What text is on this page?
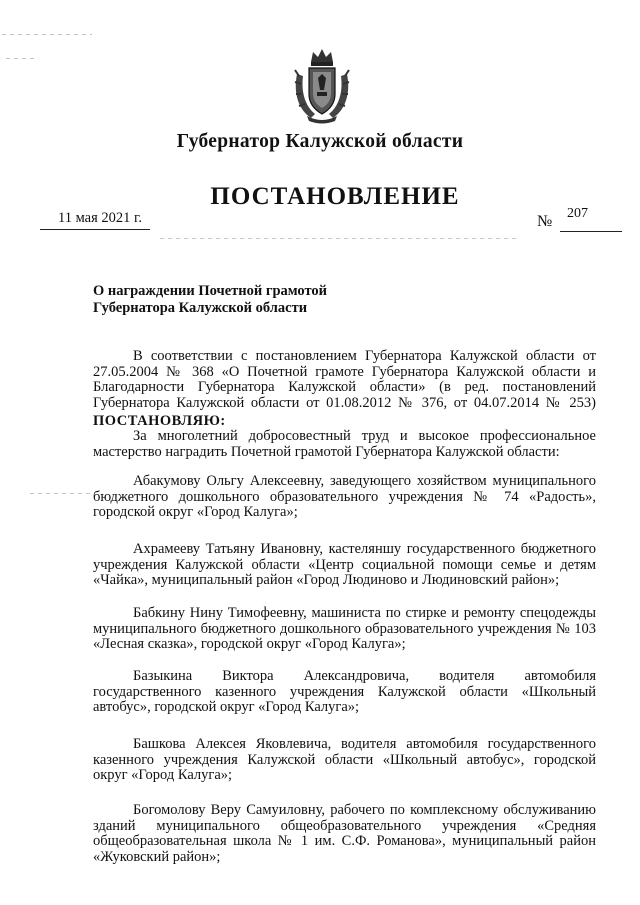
Губернатор Калужской области
ПОСТАНОВЛЕНИЕ
11 мая 2021 г.	№ 207
О награждении Почетной грамотой
Губернатора Калужской области
В соответствии с постановлением Губернатора Калужской области от 27.05.2004 № 368 «О Почетной грамоте Губернатора Калужской области и Благодарности Губернатора Калужской области» (в ред. постановлений Губернатора Калужской области от 01.08.2012 № 376, от 04.07.2014 № 253)
ПОСТАНОВЛЯЮ:
За многолетний добросовестный труд и высокое профессиональное мастерство наградить Почетной грамотой Губернатора Калужской области:
Абакумову Ольгу Алексеевну, заведующего хозяйством муниципального бюджетного дошкольного образовательного учреждения № 74 «Радость», городской округ «Город Калуга»;
Ахрамеeву Татьяну Ивановну, кастеляншу государственного бюджетного учреждения Калужской области «Центр социальной помощи семье и детям «Чайка», муниципальный район «Город Людиново и Людиновский район»;
Бабкину Нину Тимофеевну, машиниста по стирке и ремонту спецодежды муниципального бюджетного дошкольного образовательного учреждения № 103 «Лесная сказка», городской округ «Город Калуга»;
Базыкина Виктора Александровича, водителя автомобиля государственного казенного учреждения Калужской области «Школьный автобус», городской округ «Город Калуга»;
Башкова Алексея Яковлевича, водителя автомобиля государственного казенного учреждения Калужской области «Школьный автобус», городской округ «Город Калуга»;
Богомолову Веру Самуиловну, рабочего по комплексному обслуживанию зданий муниципального общеобразовательного учреждения «Средняя общеобразовательная школа № 1 им. С.Ф. Романова», муниципальный район «Жуковский район»;
